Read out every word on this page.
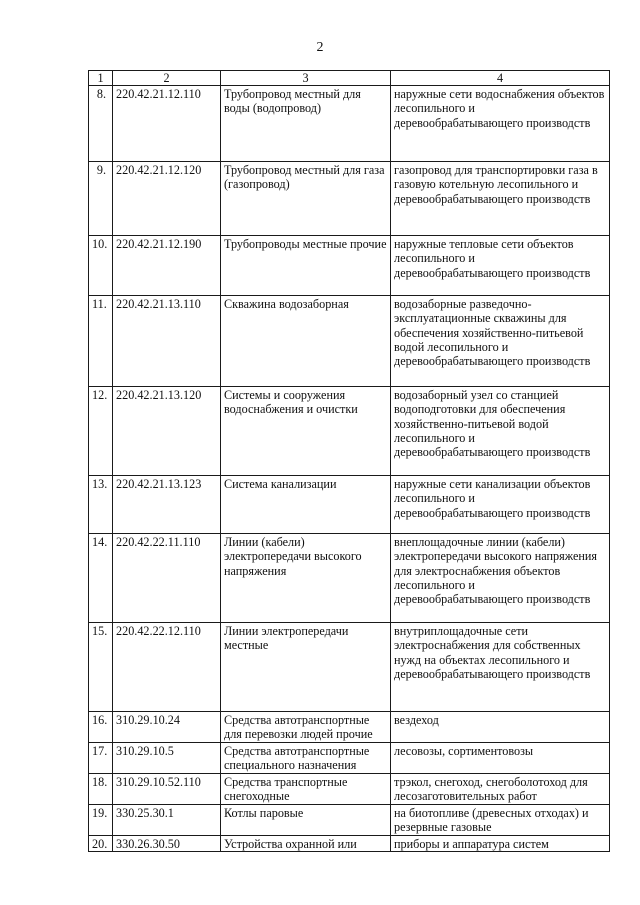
2
1	2	3	4
8.	220.42.21.12.110	Трубопровод местный для воды (водопровод)	наружные сети водоснабжения объектов лесопильного и деревообрабатывающего производств
9.	220.42.21.12.120	Трубопровод местный для газа (газопровод)	газопровод для транспортировки газа в газовую котельную лесопильного и деревообрабатывающего производств
10.	220.42.21.12.190	Трубопроводы местные прочие	наружные тепловые сети объектов лесопильного и деревообрабатывающего производств
11.	220.42.21.13.110	Скважина водозаборная	водозаборные разведочно-эксплуатационные скважины для обеспечения хозяйственно-питьевой водой лесопильного и деревообрабатывающего производств
12.	220.42.21.13.120	Системы и сооружения водоснабжения и очистки	водозаборный узел со станцией водоподготовки для обеспечения хозяйственно-питьевой водой лесопильного и деревообрабатывающего производств
13.	220.42.21.13.123	Система канализации	наружные сети канализации объектов лесопильного и деревообрабатывающего производств
14.	220.42.22.11.110	Линии (кабели) электропередачи высокого напряжения	внеплощадочные линии (кабели) электропередачи высокого напряжения для электроснабжения объектов лесопильного и деревообрабатывающего производств
15.	220.42.22.12.110	Линии электропередачи местные	внутриплощадочные сети электроснабжения для собственных нужд на объектах лесопильного и деревообрабатывающего производств
16.	310.29.10.24	Средства автотранспортные для перевозки людей прочие	вездеход
17.	310.29.10.5	Средства автотранспортные специального назначения	лесовозы, сортиментовозы
18.	310.29.10.52.110	Средства транспортные снегоходные	трэкол, снегоход, снегоболотоход для лесозаготовительных работ
19.	330.25.30.1	Котлы паровые	на биотопливе (древесных отходах) и резервные газовые
20.	330.26.30.50	Устройства охранной или	приборы и аппаратура систем
